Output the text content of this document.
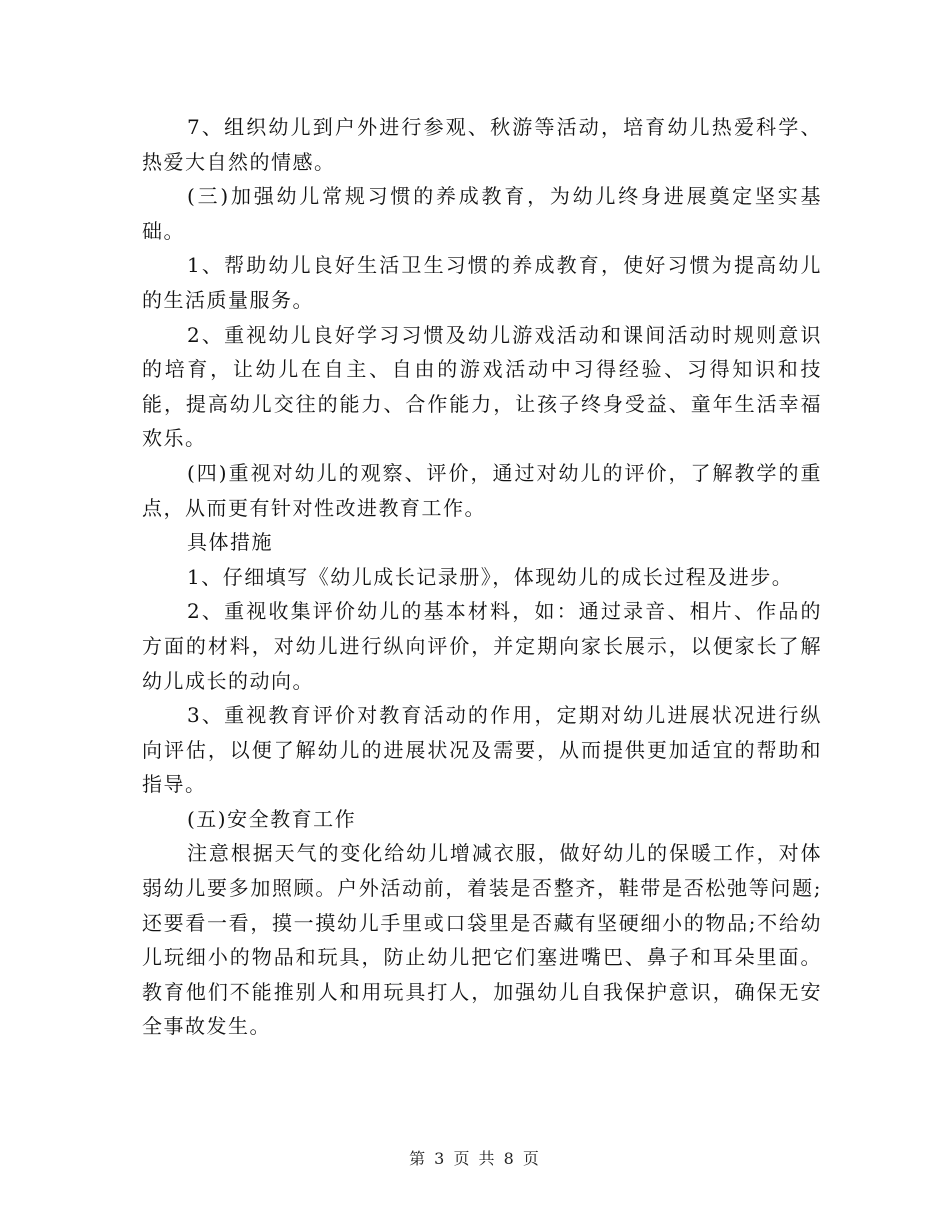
7、组织幼儿到户外进行参观、秋游等活动，培育幼儿热爱科学、热爱大自然的情感。

(三)加强幼儿常规习惯的养成教育，为幼儿终身进展奠定坚实基础。

1、帮助幼儿良好生活卫生习惯的养成教育，使好习惯为提高幼儿的生活质量服务。

2、重视幼儿良好学习习惯及幼儿游戏活动和课间活动时规则意识的培育，让幼儿在自主、自由的游戏活动中习得经验、习得知识和技能，提高幼儿交往的能力、合作能力，让孩子终身受益、童年生活幸福欢乐。

(四)重视对幼儿的观察、评价，通过对幼儿的评价，了解教学的重点，从而更有针对性改进教育工作。

具体措施

1、仔细填写《幼儿成长记录册》，体现幼儿的成长过程及进步。

2、重视收集评价幼儿的基本材料，如：通过录音、相片、作品的方面的材料，对幼儿进行纵向评价，并定期向家长展示，以便家长了解幼儿成长的动向。

3、重视教育评价对教育活动的作用，定期对幼儿进展状况进行纵向评估，以便了解幼儿的进展状况及需要，从而提供更加适宜的帮助和指导。

(五)安全教育工作

注意根据天气的变化给幼儿增减衣服，做好幼儿的保暖工作，对体弱幼儿要多加照顾。户外活动前，着装是否整齐，鞋带是否松弛等问题;还要看一看，摸一摸幼儿手里或口袋里是否藏有坚硬细小的物品;不给幼儿玩细小的物品和玩具，防止幼儿把它们塞进嘴巴、鼻子和耳朵里面。教育他们不能推别人和用玩具打人，加强幼儿自我保护意识，确保无安全事故发生。

第 3 页 共 8 页
